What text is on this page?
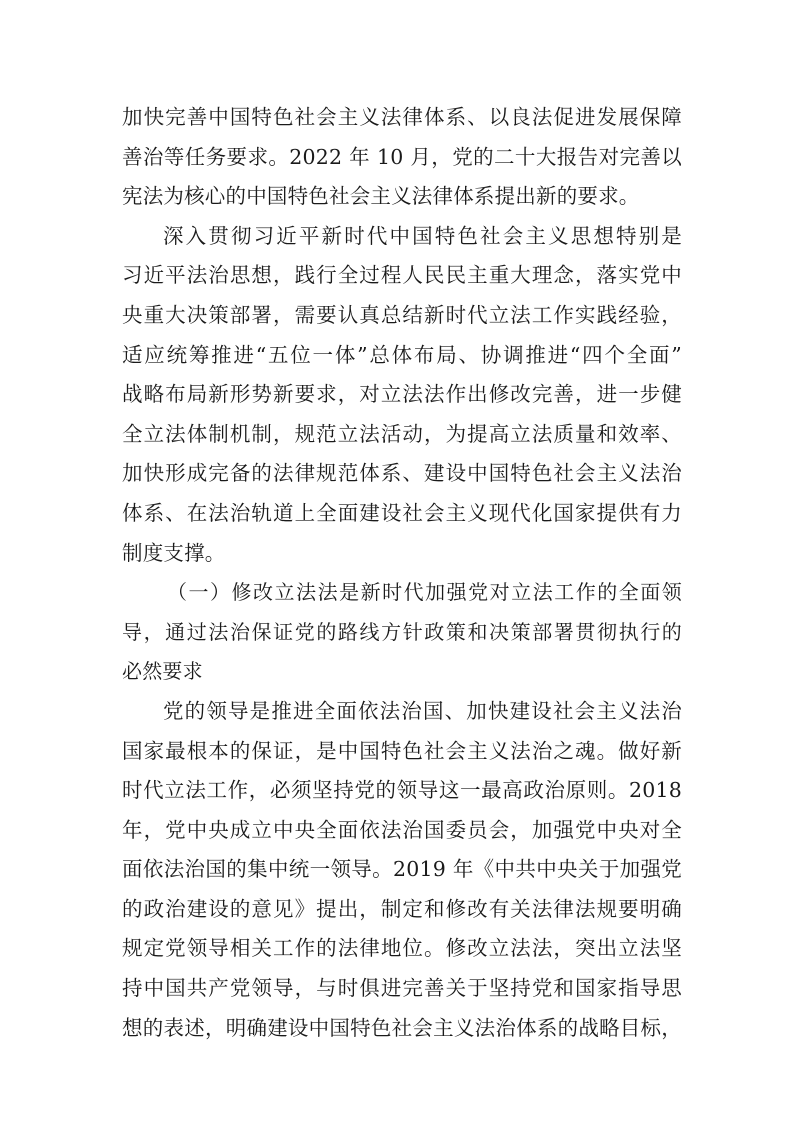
加快完善中国特色社会主义法律体系、以良法促进发展保障
善治等任务要求。2022 年 10 月，党的二十大报告对完善以
宪法为核心的中国特色社会主义法律体系提出新的要求。
深入贯彻习近平新时代中国特色社会主义思想特别是
习近平法治思想，践行全过程人民民主重大理念，落实党中
央重大决策部署，需要认真总结新时代立法工作实践经验，
适应统筹推进“五位一体”总体布局、协调推进“四个全面”
战略布局新形势新要求，对立法法作出修改完善，进一步健
全立法体制机制，规范立法活动，为提高立法质量和效率、
加快形成完备的法律规范体系、建设中国特色社会主义法治
体系、在法治轨道上全面建设社会主义现代化国家提供有力
制度支撑。
（一）修改立法法是新时代加强党对立法工作的全面领
导，通过法治保证党的路线方针政策和决策部署贯彻执行的
必然要求
党的领导是推进全面依法治国、加快建设社会主义法治
国家最根本的保证，是中国特色社会主义法治之魂。做好新
时代立法工作，必须坚持党的领导这一最高政治原则。2018
年，党中央成立中央全面依法治国委员会，加强党中央对全
面依法治国的集中统一领导。2019 年《中共中央关于加强党
的政治建设的意见》提出，制定和修改有关法律法规要明确
规定党领导相关工作的法律地位。修改立法法，突出立法坚
持中国共产党领导，与时俱进完善关于坚持党和国家指导思
想的表述，明确建设中国特色社会主义法治体系的战略目标，
